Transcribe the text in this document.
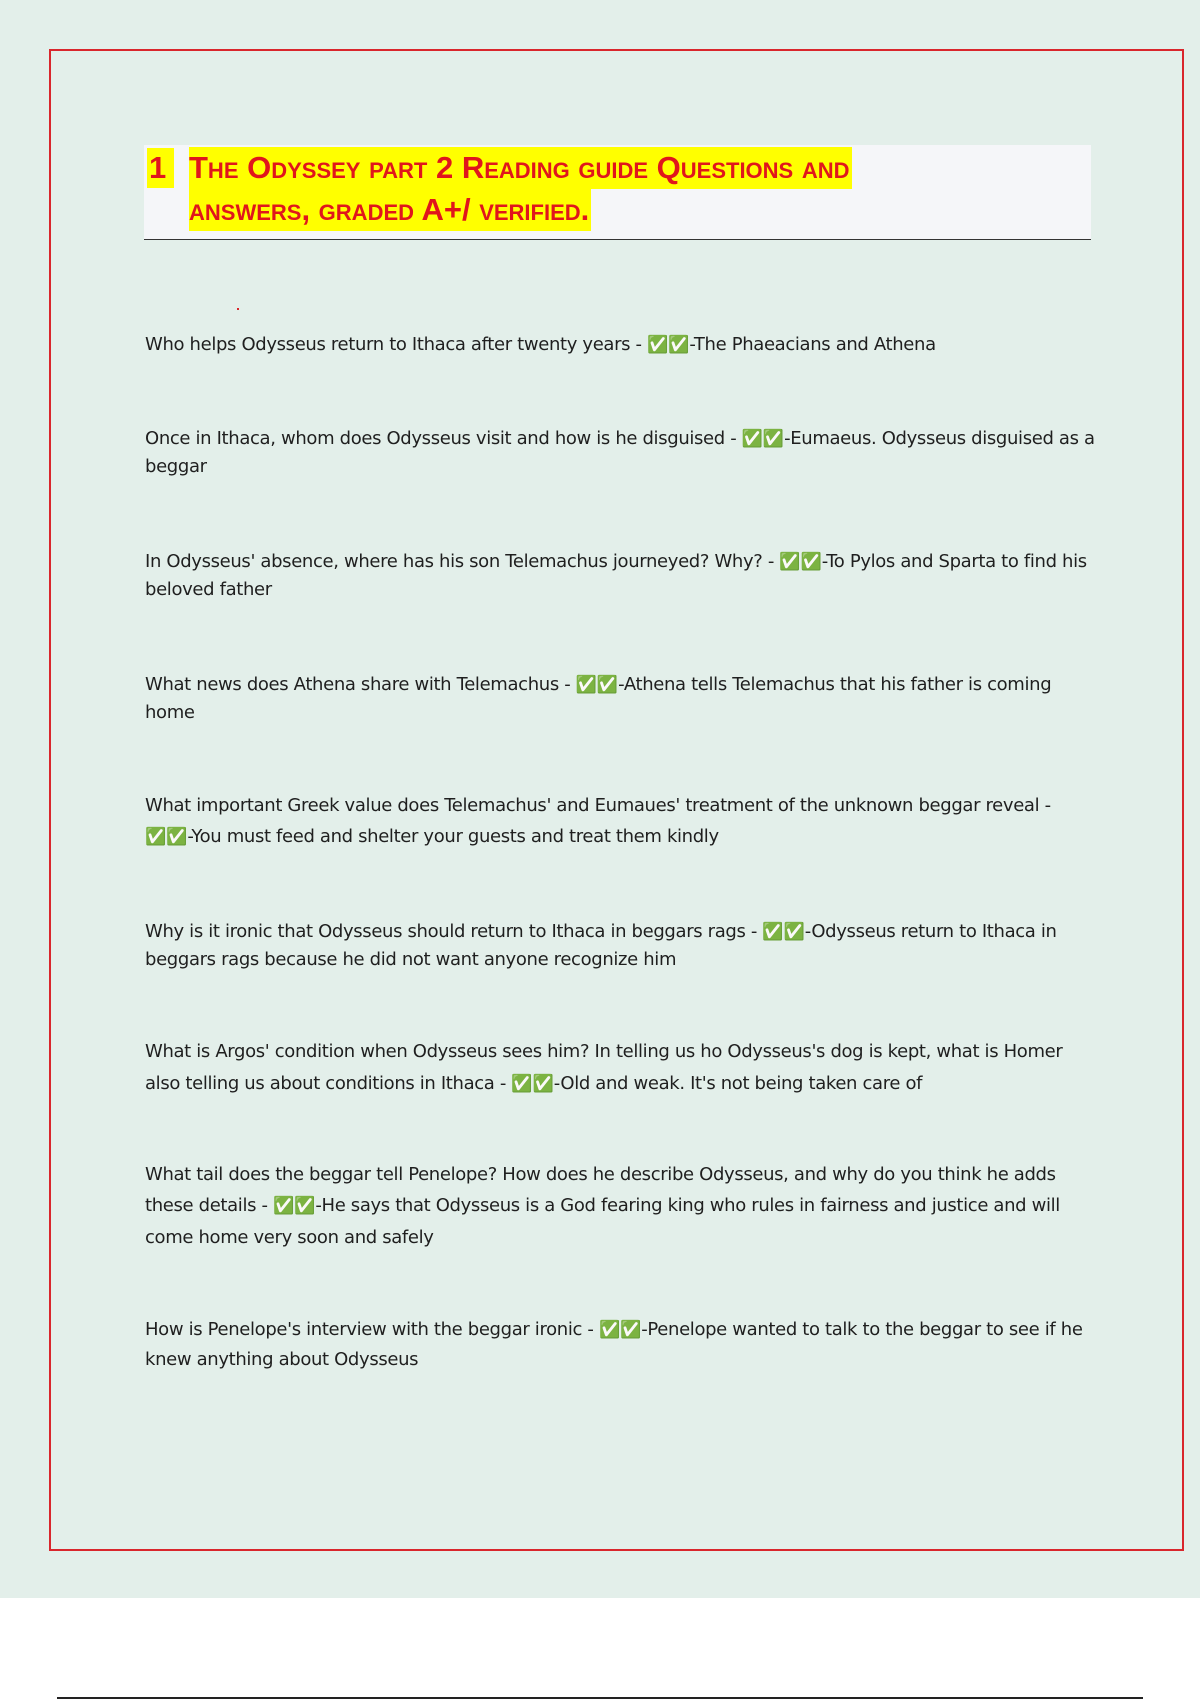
1 The Odyssey part 2 Reading guide Questions and
answers, graded A+/ verified.
Who helps Odysseus return to Ithaca after twenty years - ✅✅-The Phaeacians and Athena
Once in Ithaca, whom does Odysseus visit and how is he disguised - ✅✅-Eumaeus. Odysseus disguised as a beggar
In Odysseus' absence, where has his son Telemachus journeyed? Why? - ✅✅-To Pylos and Sparta to find his beloved father
What news does Athena share with Telemachus - ✅✅-Athena tells Telemachus that his father is coming home
What important Greek value does Telemachus' and Eumaues' treatment of the unknown beggar reveal - ✅✅-You must feed and shelter your guests and treat them kindly
Why is it ironic that Odysseus should return to Ithaca in beggars rags - ✅✅-Odysseus return to Ithaca in beggars rags because he did not want anyone recognize him
What is Argos' condition when Odysseus sees him? In telling us ho Odysseus's dog is kept, what is Homer also telling us about conditions in Ithaca - ✅✅-Old and weak. It's not being taken care of
What tail does the beggar tell Penelope? How does he describe Odysseus, and why do you think he adds these details - ✅✅-He says that Odysseus is a God fearing king who rules in fairness and justice and will come home very soon and safely
How is Penelope's interview with the beggar ironic - ✅✅-Penelope wanted to talk to the beggar to see if he knew anything about Odysseus
